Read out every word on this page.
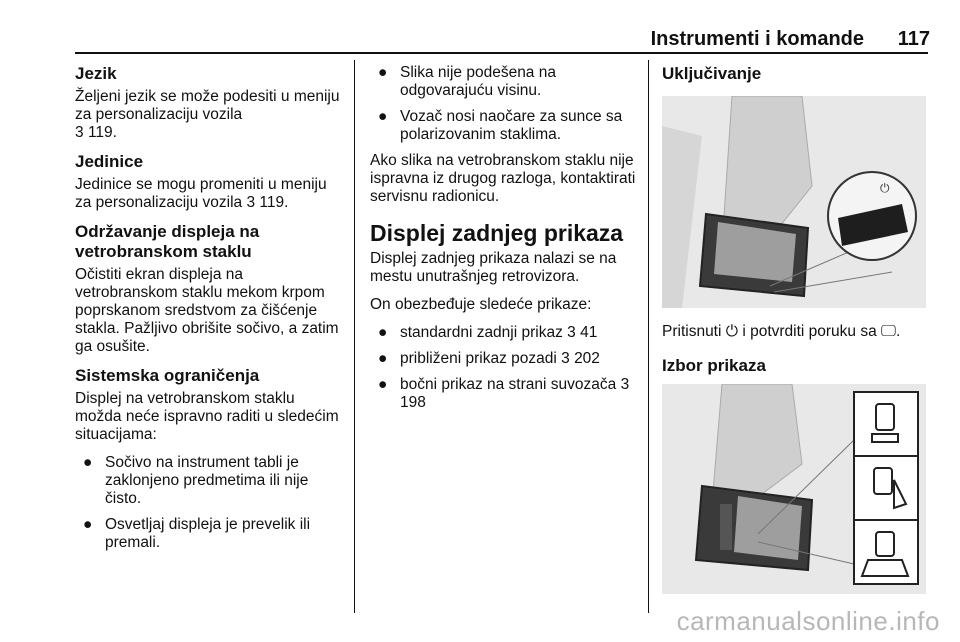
Instrumenti i komande	117
Jezik

Željeni jezik se može podesiti u meniju za personalizaciju vozila
3 119.

Jedinice

Jedinice se mogu promeniti u meniju za personalizaciju vozila 3 119.

Održavanje displeja na vetrobranskom staklu

Očistiti ekran displeja na vetrobranskom staklu mekom krpom poprskanom sredstvom za čišćenje stakla. Pažljivo obrišite sočivo, a zatim ga osušite.

Sistemska ograničenja

Displej na vetrobranskom staklu možda neće ispravno raditi u sledećim situacijama:

● Sočivo na instrument tabli je zaklonjeno predmetima ili nije čisto.
● Osvetljaj displeja je prevelik ili premali.
● Slika nije podešena na odgovarajuću visinu.
● Vozač nosi naočare za sunce sa polarizovanim staklima.

Ako slika na vetrobranskom staklu nije ispravna iz drugog razloga, kontaktirati servisnu radionicu.

Displej zadnjeg prikaza

Displej zadnjeg prikaza nalazi se na mestu unutrašnjeg retrovizora.

On obezbeđuje sledeće prikaze:

● standardni zadnji prikaz 3 41
● približeni prikaz pozadi 3 202
● bočni prikaz na strani suvozača 3 198
Uključivanje
⏻
Pritisnuti ⏻ i potvrditi poruku sa 🖵.
Izbor prikaza
carmanualsonline.info
